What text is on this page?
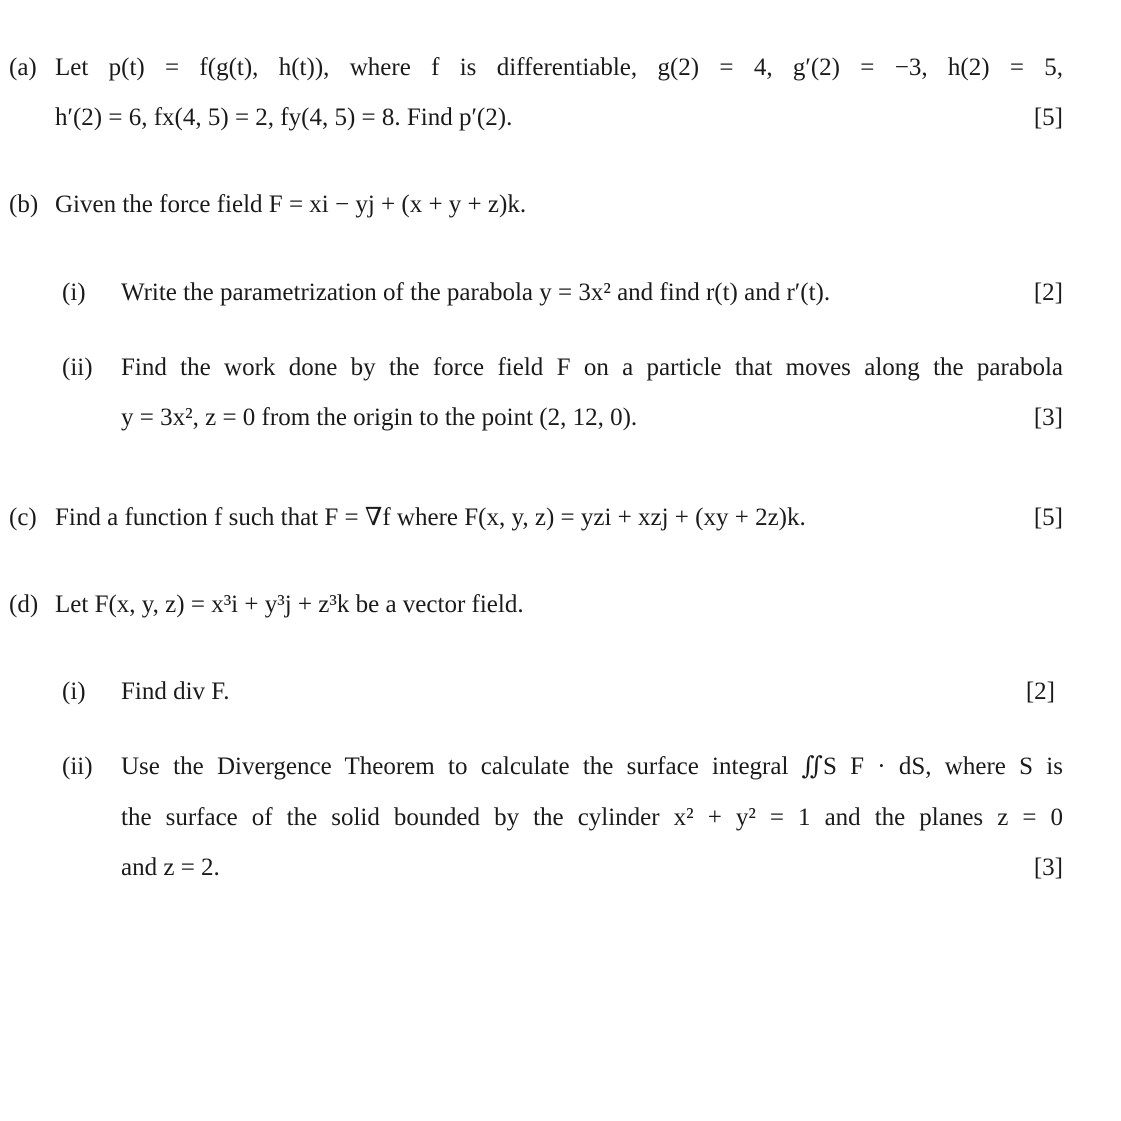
(a) Let p(t) = f(g(t), h(t)), where f is differentiable, g(2) = 4, g′(2) = −3, h(2) = 5,
h′(2) = 6, fx(4, 5) = 2, fy(4, 5) = 8. Find p′(2).	[5]
(b) Given the force field F = xi − yj + (x + y + z)k.
(i) Write the parametrization of the parabola y = 3x² and find r(t) and r′(t).	[2]
(ii) Find the work done by the force field F on a particle that moves along the parabola
y = 3x², z = 0 from the origin to the point (2, 12, 0).	[3]
(c) Find a function f such that F = ∇f where F(x, y, z) = yzi + xzj + (xy + 2z)k.	[5]
(d) Let F(x, y, z) = x³i + y³j + z³k be a vector field.
(i) Find div F.	[2]
(ii) Use the Divergence Theorem to calculate the surface integral ∬S F · dS, where S is
the surface of the solid bounded by the cylinder x² + y² = 1 and the planes z = 0
and z = 2.	[3]
